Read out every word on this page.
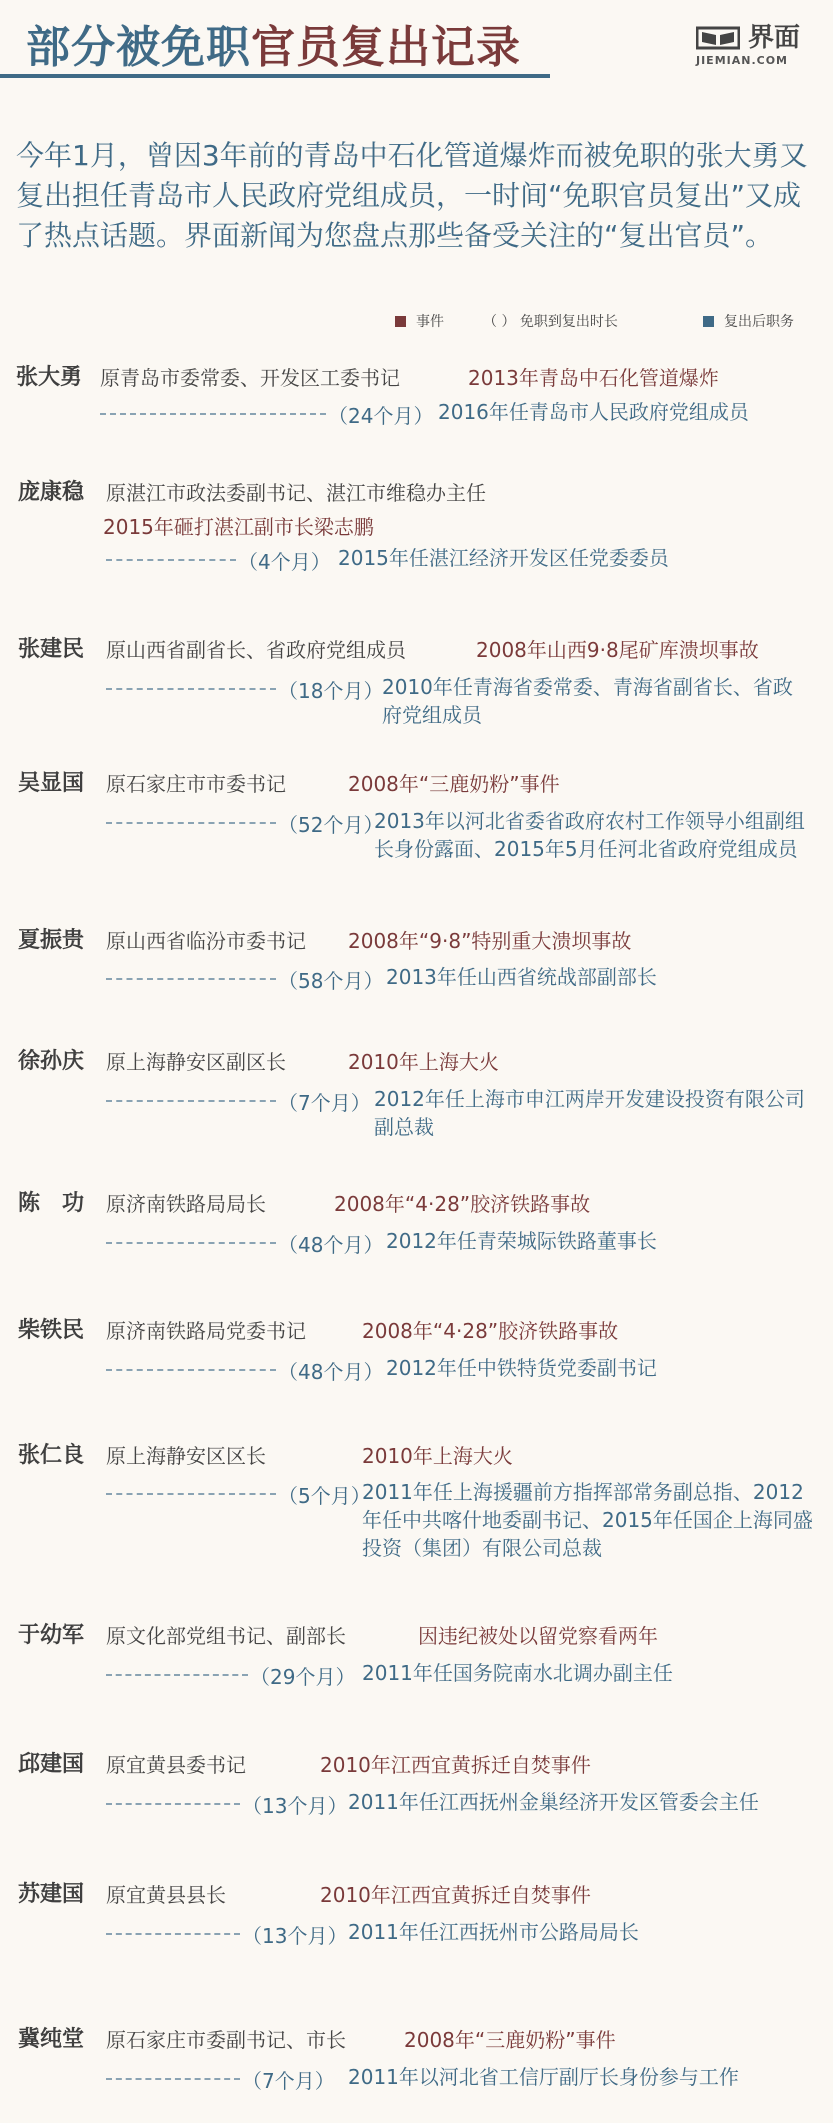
部分被免职官员复出记录	界面
JIEMIAN.COM
今年1月，曾因3年前的青岛中石化管道爆炸而被免职的张大勇又复出担任青岛市人民政府党组成员，一时间“免职官员复出”又成了热点话题。界面新闻为您盘点那些备受关注的“复出官员”。
事件	（ ） 免职到复出时长	复出后职务
张大勇 原青岛市委常委、开发区工委书记	2013年青岛中石化管道爆炸
（24个月） 2016年任青岛市人民政府党组成员
庞康稳 原湛江市政法委副书记、湛江市维稳办主任
2015年砸打湛江副市长梁志鹏
（4个月） 2015年任湛江经济开发区任党委委员
张建民 原山西省副省长、省政府党组成员	2008年山西9·8尾矿库溃坝事故
（18个月）
2010年任青海省委常委、青海省副省长、省政府党组成员
吴显国 原石家庄市市委书记	2008年“三鹿奶粉”事件
（52个月）
2013年以河北省委省政府农村工作领导小组副组长身份露面、2015年5月任河北省政府党组成员
夏振贵 原山西省临汾市委书记 2008年“9·8”特别重大溃坝事故
（58个月） 2013年任山西省统战部副部长
徐孙庆 原上海静安区副区长	2010年上海大火
（7个月） 2012年任上海市申江两岸开发建设投资有限公司副总裁
陈　功 原济南铁路局局长	2008年“4·28”胶济铁路事故
（48个月） 2012年任青荣城际铁路董事长
柴铁民 原济南铁路局党委书记	2008年“4·28”胶济铁路事故
（48个月） 2012年任中铁特货党委副书记
张仁良 原上海静安区区长	2010年上海大火
（5个月）
2011年任上海援疆前方指挥部常务副总指、2012年任中共喀什地委副书记、2015年任国企上海同盛投资（集团）有限公司总裁
于幼军 原文化部党组书记、副部长	因违纪被处以留党察看两年
（29个月） 2011年任国务院南水北调办副主任
邱建国 原宜黄县委书记	2010年江西宜黄拆迁自焚事件
（13个月） 2011年任江西抚州金巢经济开发区管委会主任
苏建国 原宜黄县县长	2010年江西宜黄拆迁自焚事件
（13个月） 2011年任江西抚州市公路局局长
冀纯堂 原石家庄市委副书记、市长	2008年“三鹿奶粉”事件
（7个月） 2011年以河北省工信厅副厅长身份参与工作
